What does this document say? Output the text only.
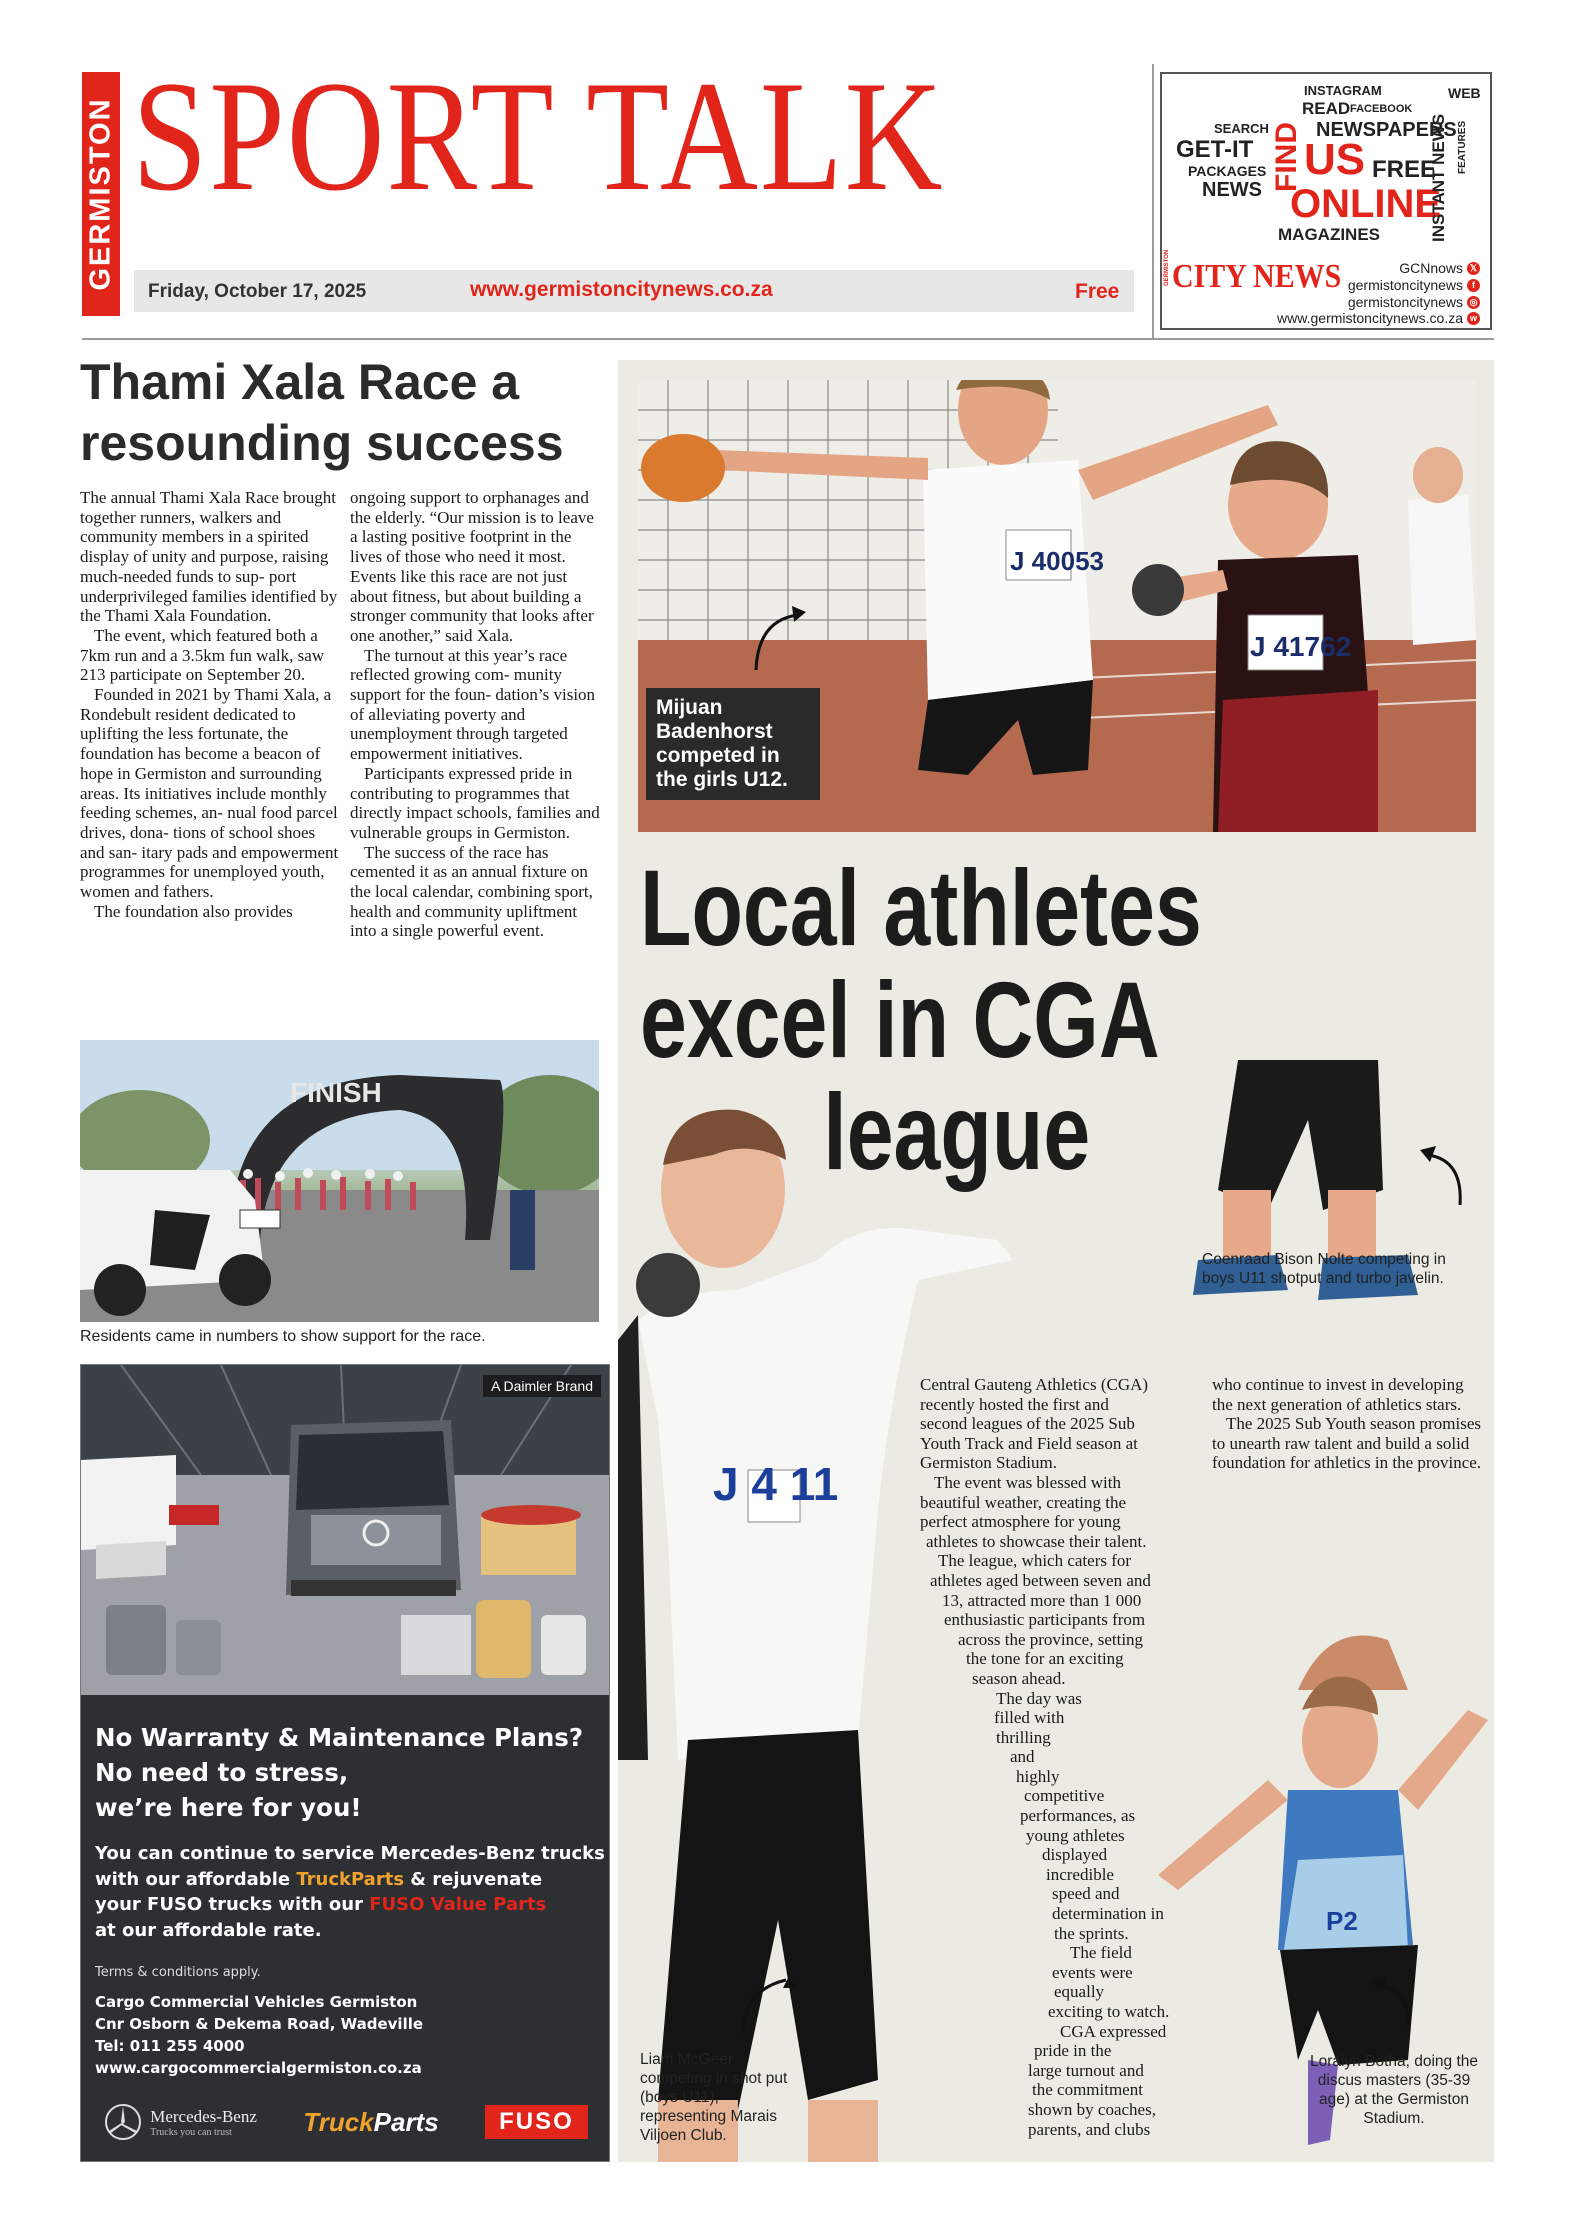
GERMISTON SPORT TALK
Friday, October 17, 2025	www.germistoncitynews.co.za	Free
INSTAGRAM
READ FACEBOOK
WEB
SEARCH NEWSPAPERS
GET-IT FIND US FREE
PACKAGES
NEWS ONLINE
MAGAZINES	INSTANT NEWS FEATURES
CITY NEWS
GERMISTON	GCNnows 𝕏
germistoncitynews	f
germistoncitynews ◎
www.germistoncitynews.co.za w
Thami Xala Race a resounding success

The annual Thami Xala Race brought together runners, walkers and community members in a spirited display of unity and purpose, raising much-needed funds to sup- port underprivileged families identified by the Thami Xala Foundation.

The event, which featured both a 7km run and a 3.5km fun walk, saw 213 participate on September 20.

Founded in 2021 by Thami Xala, a Rondebult resident dedicated to uplifting the less fortunate, the foundation has become a beacon of hope in Germiston and surrounding areas. Its initiatives include monthly feeding schemes, an- nual food parcel drives, dona- tions of school shoes and san- itary pads and empowerment programmes for unemployed youth, women and fathers.

The foundation also provides

ongoing support to orphanages and the elderly. “Our mission is to leave a lasting positive footprint in the lives of those who need it most. Events like this race are not just about fitness, but about building a stronger community that looks after one another,” said Xala.

The turnout at this year’s race reflected growing com- munity support for the foun- dation’s vision of alleviating poverty and unemployment through targeted empowerment initiatives.

Participants expressed pride in contributing to programmes that directly impact schools, families and vulnerable groups in Germiston.

The success of the race has cemented it as an annual fixture on the local calendar, combining sport, health and community upliftment into a single powerful event.

FINISH
Residents came in numbers to show support for the race.
A Daimler Brand
No Warranty & Maintenance Plans?
No need to stress,
we’re here for you!
You can continue to service Mercedes-Benz trucks
with our affordable TruckParts & rejuvenate
your FUSO trucks with our FUSO Value Parts
at our affordable rate.
Terms & conditions apply.
Cargo Commercial Vehicles Germiston
Cnr Osborn & Dekema Road, Wadeville
Tel: 011 255 4000
www.cargocommercialgermiston.co.za
Mercedes-Benz
Trucks you can trust	TruckParts	FUSO
J 4 11
P2
J 40053
J 41762
Mijuan Badenhorst competed in the girls U12.
Local athletes
excel in CGA
league
Coenraad Bison Nolte competing in boys U11 shotput and turbo javelin.
Liam McGeer competing in shot put (boys U11), representing Marais Viljoen Club.
Loralyn Botha, doing the discus masters (35-39 age) at the Germiston Stadium.
Central Gauteng Athletics (CGA)
recently hosted the first and
second leagues of the 2025 Sub
Youth Track and Field season at
Germiston Stadium.
The event was blessed with
beautiful weather, creating the
perfect atmosphere for young
athletes to showcase their talent.
The league, which caters for
athletes aged between seven and
13, attracted more than 1 000
enthusiastic participants from
across the province, setting
the tone for an exciting
season ahead.
The day was
filled with
thrilling
and
highly
competitive
performances, as
young athletes
displayed
incredible
speed and
determination in
the sprints.
The field
events were
equally
exciting to watch.
CGA expressed
pride in the
large turnout and
the commitment
shown by coaches,
parents, and clubs

who continue to invest in developing the next generation of athletics stars.

The 2025 Sub Youth season promises to unearth raw talent and build a solid foundation for athletics in the province.
